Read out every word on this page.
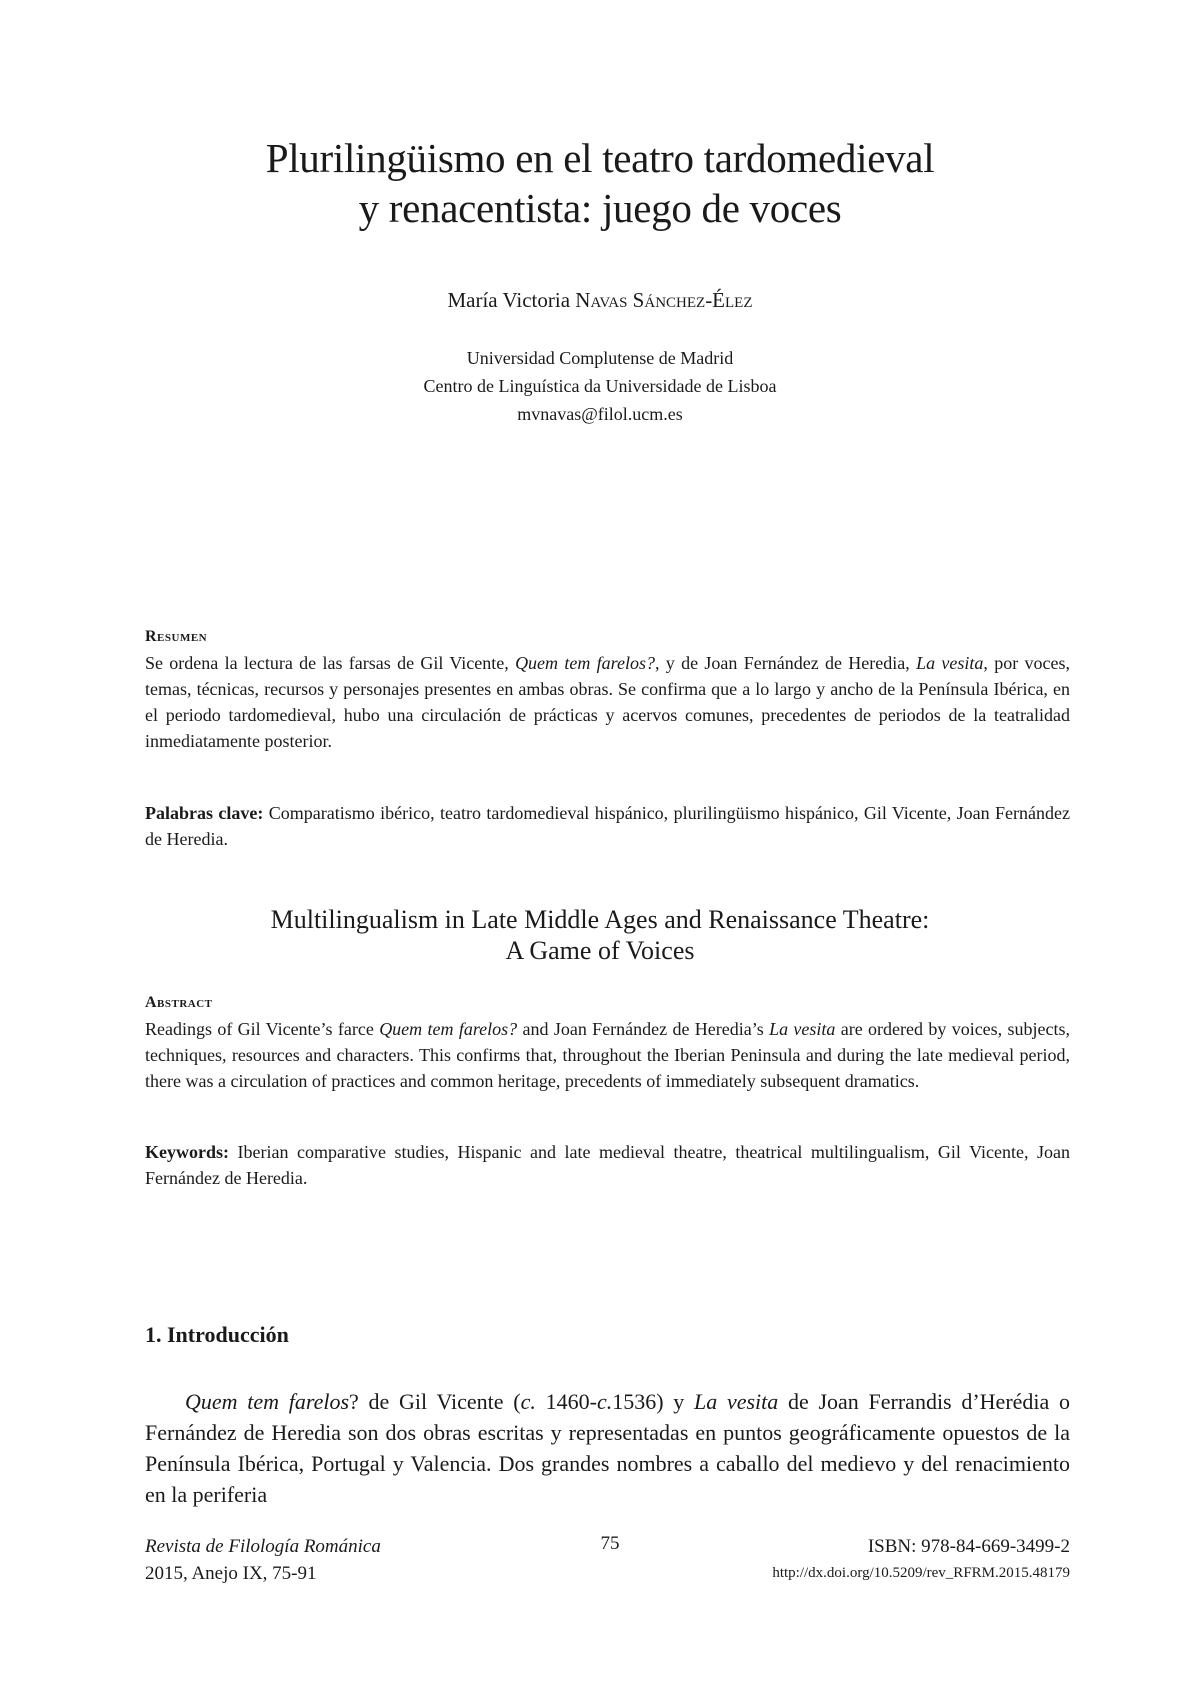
Plurilingüismo en el teatro tardomedieval
y renacentista: juego de voces
María Victoria Navas Sánchez-Élez
Universidad Complutense de Madrid
Centro de Linguística da Universidade de Lisboa
mvnavas@filol.ucm.es
Resumen

Se ordena la lectura de las farsas de Gil Vicente, Quem tem farelos?, y de Joan Fernández de Heredia, La vesita, por voces, temas, técnicas, recursos y personajes presentes en ambas obras. Se confirma que a lo largo y ancho de la Península Ibérica, en el periodo tardomedieval, hubo una circulación de prácticas y acervos comunes, precedentes de periodos de la teatralidad inmediatamente posterior.

Palabras clave: Comparatismo ibérico, teatro tardomedieval hispánico, plurilingüismo hispánico, Gil Vicente, Joan Fernández de Heredia.

Multilingualism in Late Middle Ages and Renaissance Theatre:
A Game of Voices
Abstract

Readings of Gil Vicente’s farce Quem tem farelos? and Joan Fernández de Heredia’s La vesita are ordered by voices, subjects, techniques, resources and characters. This confirms that, throughout the Iberian Peninsula and during the late medieval period, there was a circulation of practices and common heritage, precedents of immediately subsequent dramatics.

Keywords: Iberian comparative studies, Hispanic and late medieval theatre, theatrical multilingualism, Gil Vicente, Joan Fernández de Heredia.

1. Introducción

Quem tem farelos? de Gil Vicente (c. 1460-c.1536) y La vesita de Joan Ferrandis d’Herédia o Fernández de Heredia son dos obras escritas y representadas en puntos geográficamente opuestos de la Península Ibérica, Portugal y Valencia. Dos grandes nombres a caballo del medievo y del renacimiento en la periferia

Revista de Filología Románica
2015, Anejo IX, 75-91
75	ISBN: 978-84-669-3499-2
http://dx.doi.org/10.5209/rev_RFRM.2015.48179
